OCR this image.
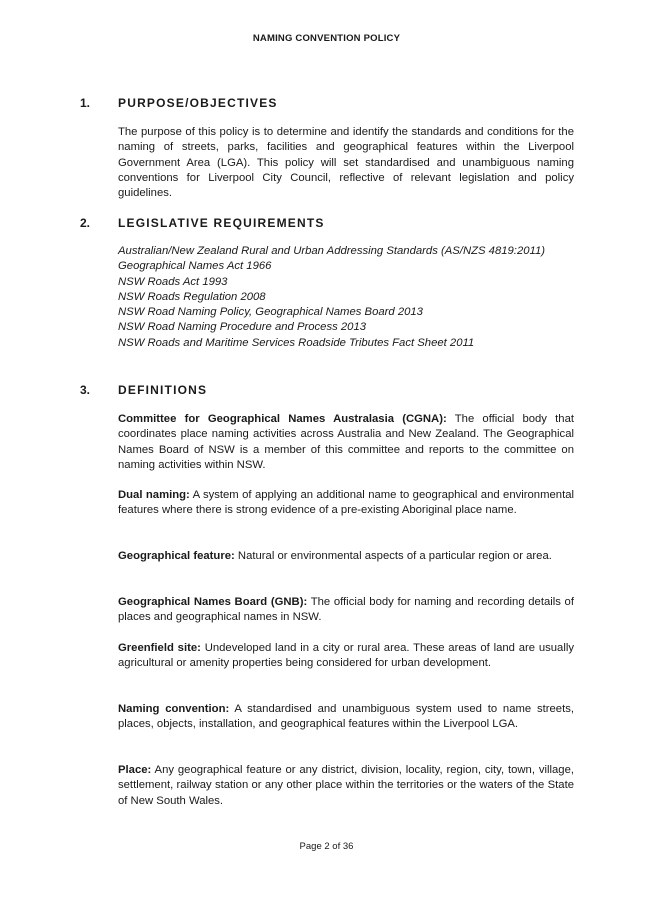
NAMING CONVENTION POLICY
1. PURPOSE/OBJECTIVES
The purpose of this policy is to determine and identify the standards and conditions for the naming of streets, parks, facilities and geographical features within the Liverpool Government Area (LGA). This policy will set standardised and unambiguous naming conventions for Liverpool City Council, reflective of relevant legislation and policy guidelines.
2. LEGISLATIVE REQUIREMENTS
Australian/New Zealand Rural and Urban Addressing Standards (AS/NZS 4819:2011)
Geographical Names Act 1966
NSW Roads Act 1993
NSW Roads Regulation 2008
NSW Road Naming Policy, Geographical Names Board 2013
NSW Road Naming Procedure and Process 2013
NSW Roads and Maritime Services Roadside Tributes Fact Sheet 2011
3. DEFINITIONS
Committee for Geographical Names Australasia (CGNA): The official body that coordinates place naming activities across Australia and New Zealand. The Geographical Names Board of NSW is a member of this committee and reports to the committee on naming activities within NSW.
Dual naming: A system of applying an additional name to geographical and environmental features where there is strong evidence of a pre-existing Aboriginal place name.
Geographical feature: Natural or environmental aspects of a particular region or area.
Geographical Names Board (GNB): The official body for naming and recording details of places and geographical names in NSW.
Greenfield site: Undeveloped land in a city or rural area. These areas of land are usually agricultural or amenity properties being considered for urban development.
Naming convention: A standardised and unambiguous system used to name streets, places, objects, installation, and geographical features within the Liverpool LGA.
Place: Any geographical feature or any district, division, locality, region, city, town, village, settlement, railway station or any other place within the territories or the waters of the State of New South Wales.
Page 2 of 36
